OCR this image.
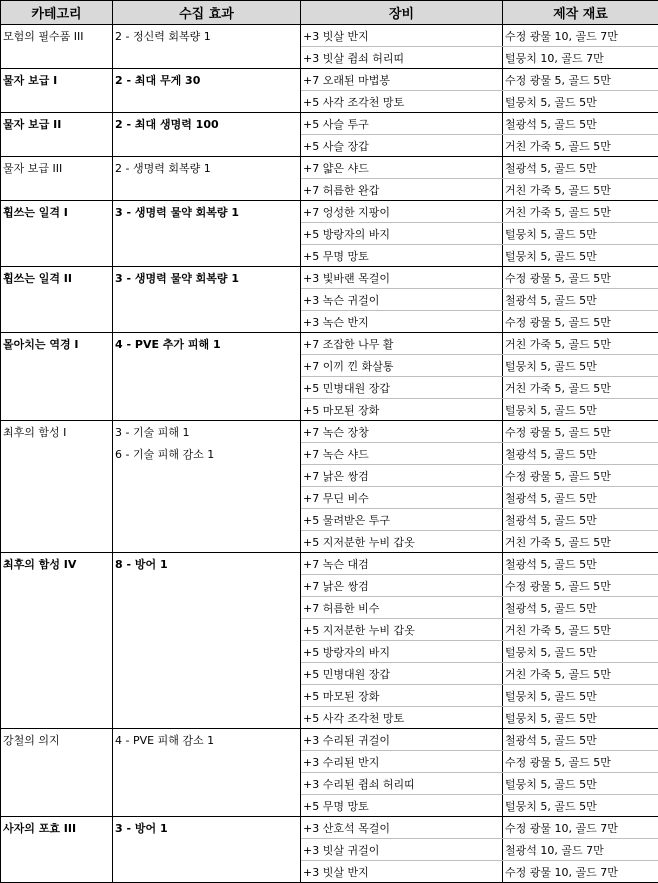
카테고리	수집 효과	장비	제작 재료
모험의 필수품 III	2 - 정신력 회복량 1	+3 빗살 반지	수정 광물 10, 골드 7만
		+3 빗살 쥠쇠 허리띠	털뭉치 10, 골드 7만
물자 보급 I	2 - 최대 무게 30	+7 오래된 마법봉	수정 광물 5, 골드 5만
		+5 사각 조각천 망토	털뭉치 5, 골드 5만
물자 보급 II	2 - 최대 생명력 100	+5 사슬 투구	철광석 5, 골드 5만
		+5 사슬 장갑	거친 가죽 5, 골드 5만
물자 보급 III	2 - 생명력 회복량 1	+7 얇은 샤드	철광석 5, 골드 5만
		+7 허름한 완갑	거친 가죽 5, 골드 5만
휩쓰는 일격 I	3 - 생명력 물약 회복량 1	+7 엉성한 지팡이	거친 가죽 5, 골드 5만
		+5 방랑자의 바지	털뭉치 5, 골드 5만
		+5 무명 망토	털뭉치 5, 골드 5만
휩쓰는 일격 II	3 - 생명력 물약 회복량 1	+3 빛바랜 목걸이	수정 광물 5, 골드 5만
		+3 녹슨 귀걸이	철광석 5, 골드 5만
		+3 녹슨 반지	수정 광물 5, 골드 5만
몰아치는 역경 I	4 - PVE 추가 피해 1	+7 조잡한 나무 활	거친 가죽 5, 골드 5만
		+7 이끼 낀 화살통	털뭉치 5, 골드 5만
		+5 민병대원 장갑	거친 가죽 5, 골드 5만
		+5 마모된 장화	털뭉치 5, 골드 5만
최후의 함성 I	3 - 기술 피해 1	+7 녹슨 장창	수정 광물 5, 골드 5만
	6 - 기술 피해 감소 1	+7 녹슨 샤드	철광석 5, 골드 5만
		+7 낡은 쌍검	수정 광물 5, 골드 5만
		+7 무딘 비수	철광석 5, 골드 5만
		+5 물려받은 투구	철광석 5, 골드 5만
		+5 지저분한 누비 갑옷	거친 가죽 5, 골드 5만
최후의 함성 IV	8 - 방어 1	+7 녹슨 대검	철광석 5, 골드 5만
		+7 낡은 쌍검	수정 광물 5, 골드 5만
		+7 허름한 비수	철광석 5, 골드 5만
		+5 지저분한 누비 갑옷	거친 가죽 5, 골드 5만
		+5 방랑자의 바지	털뭉치 5, 골드 5만
		+5 민병대원 장갑	거친 가죽 5, 골드 5만
		+5 마모된 장화	털뭉치 5, 골드 5만
		+5 사각 조각천 망토	털뭉치 5, 골드 5만
강철의 의지	4 - PVE 피해 감소 1	+3 수리된 귀걸이	철광석 5, 골드 5만
		+3 수리된 반지	수정 광물 5, 골드 5만
		+3 수리된 쥠쇠 허리띠	털뭉치 5, 골드 5만
		+5 무명 망토	털뭉치 5, 골드 5만
사자의 포효 III	3 - 방어 1	+3 산호석 목걸이	수정 광물 10, 골드 7만
		+3 빗살 귀걸이	철광석 10, 골드 7만
		+3 빗살 반지	수정 광물 10, 골드 7만
